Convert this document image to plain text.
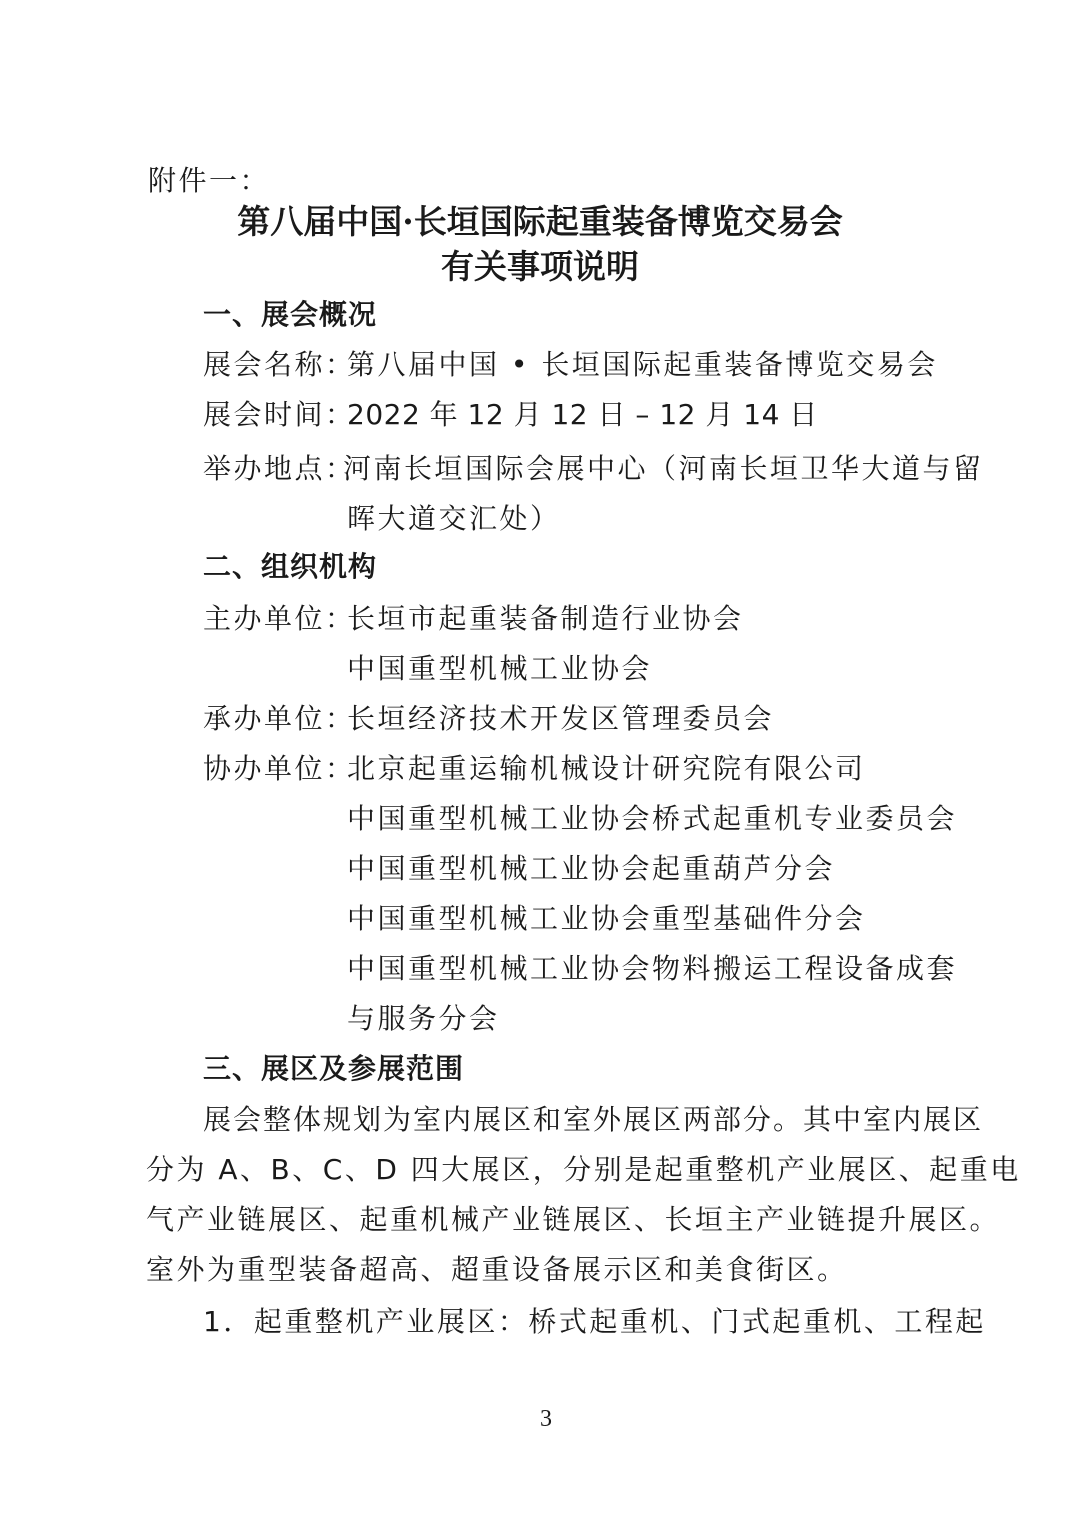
附件一：
第八届中国·长垣国际起重装备博览交易会
有关事项说明
一、展会概况
展会名称：
第八届中国 • 长垣国际起重装备博览交易会
展会时间：
2022 年 12 月 12 日 – 12 月 14 日
举办地点：
河南长垣国际会展中心（河南长垣卫华大道与留
晖大道交汇处）
二、组织机构
主办单位：
长垣市起重装备制造行业协会
中国重型机械工业协会
承办单位：
长垣经济技术开发区管理委员会
协办单位：
北京起重运输机械设计研究院有限公司
中国重型机械工业协会桥式起重机专业委员会
中国重型机械工业协会起重葫芦分会
中国重型机械工业协会重型基础件分会
中国重型机械工业协会物料搬运工程设备成套
与服务分会
三、展区及参展范围
展会整体规划为室内展区和室外展区两部分。其中室内展区
分为 A、B、C、D 四大展区，分别是起重整机产业展区、起重电
气产业链展区、起重机械产业链展区、长垣主产业链提升展区。
室外为重型装备超高、超重设备展示区和美食街区。
1．起重整机产业展区：桥式起重机、门式起重机、工程起
3
